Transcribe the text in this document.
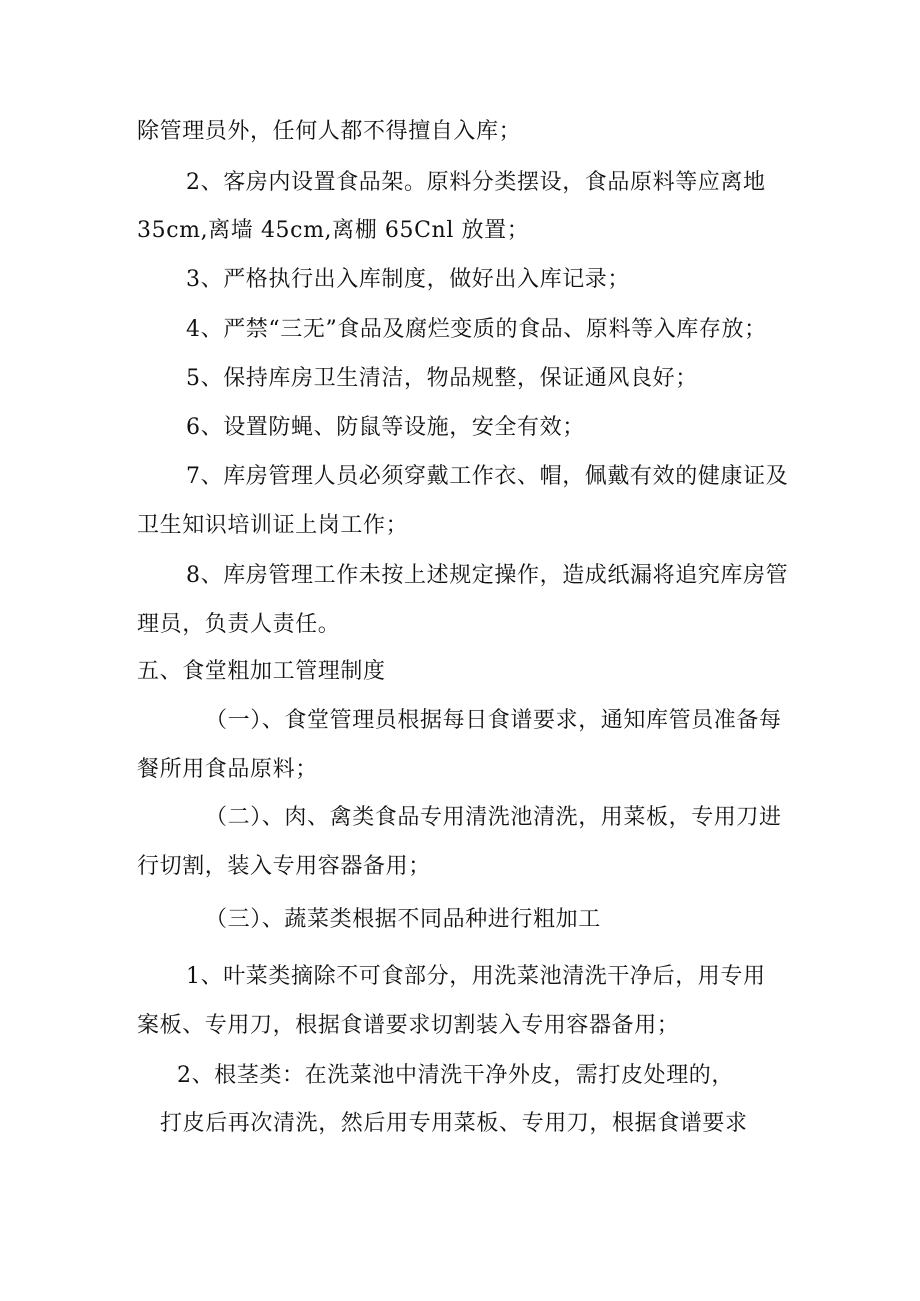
除管理员外，任何人都不得擅自入库；
2、客房内设置食品架。原料分类摆设，食品原料等应离地
35cm,离墙 45cm,离棚 65Cnl 放置；
3、严格执行出入库制度，做好出入库记录；
4、严禁“三无”食品及腐烂变质的食品、原料等入库存放；
5、保持库房卫生清洁，物品规整，保证通风良好；
6、设置防蝇、防鼠等设施，安全有效；
7、库房管理人员必须穿戴工作衣、帽，佩戴有效的健康证及
卫生知识培训证上岗工作；
8、库房管理工作未按上述规定操作，造成纸漏将追究库房管
理员，负责人责任。
五、食堂粗加工管理制度
（一）、食堂管理员根据每日食谱要求，通知库管员准备每
餐所用食品原料；
（二）、肉、禽类食品专用清洗池清洗，用菜板，专用刀进
行切割，装入专用容器备用；
（三）、蔬菜类根据不同品种进行粗加工
1、叶菜类摘除不可食部分，用洗菜池清洗干净后，用专用
案板、专用刀，根据食谱要求切割装入专用容器备用；
2、根茎类：在洗菜池中清洗干净外皮，需打皮处理的，
打皮后再次清洗，然后用专用菜板、专用刀，根据食谱要求
